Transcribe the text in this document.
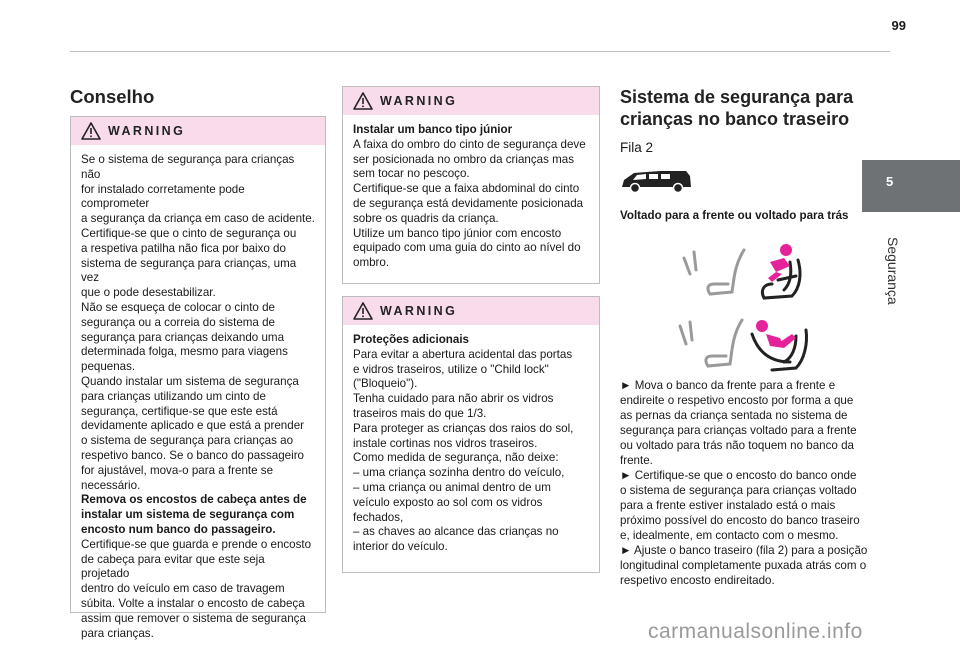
99
5
Segurança
Conselho
WARNING

Se o sistema de segurança para crianças não

for instalado corretamente pode comprometer

a segurança da criança em caso de acidente.

Certifique-se que o cinto de segurança ou

a respetiva patilha não fica por baixo do

sistema de segurança para crianças, uma vez

que o pode desestabilizar.

Não se esqueça de colocar o cinto de

segurança ou a correia do sistema de

segurança para crianças deixando uma

determinada folga, mesmo para viagens

pequenas.

Quando instalar um sistema de segurança

para crianças utilizando um cinto de

segurança, certifique-se que este está

devidamente aplicado e que está a prender

o sistema de segurança para crianças ao

respetivo banco. Se o banco do passageiro

for ajustável, mova-o para a frente se

necessário.

Remova os encostos de cabeça antes de

instalar um sistema de segurança com

encosto num banco do passageiro.

Certifique-se que guarda e prende o encosto

de cabeça para evitar que este seja projetado

dentro do veículo em caso de travagem

súbita. Volte a instalar o encosto de cabeça

assim que remover o sistema de segurança

para crianças.

WARNING

Instalar um banco tipo júnior

A faixa do ombro do cinto de segurança deve

ser posicionada no ombro da crianças mas

sem tocar no pescoço.

Certifique-se que a faixa abdominal do cinto

de segurança está devidamente posicionada

sobre os quadris da criança.

Utilize um banco tipo júnior com encosto

equipado com uma guia do cinto ao nível do

ombro.

WARNING

Proteções adicionais

Para evitar a abertura acidental das portas

e vidros traseiros, utilize o "Child lock"

("Bloqueio").

Tenha cuidado para não abrir os vidros

traseiros mais do que 1/3.

Para proteger as crianças dos raios do sol,

instale cortinas nos vidros traseiros.

Como medida de segurança, não deixe:

– uma criança sozinha dentro do veículo,

– uma criança ou animal dentro de um

veículo exposto ao sol com os vidros

fechados,

– as chaves ao alcance das crianças no

interior do veículo.

Sistema de segurança para

crianças no banco traseiro

Fila 2

Voltado para a frente ou voltado para trás

► Mova o banco da frente para a frente e

endireite o respetivo encosto por forma a que

as pernas da criança sentada no sistema de

segurança para crianças voltado para a frente

ou voltado para trás não toquem no banco da

frente.

► Certifique-se que o encosto do banco onde

o sistema de segurança para crianças voltado

para a frente estiver instalado está o mais

próximo possível do encosto do banco traseiro

e, idealmente, em contacto com o mesmo.

► Ajuste o banco traseiro (fila 2) para a posição

longitudinal completamente puxada atrás com o

respetivo encosto endireitado.

carmanualsonline.info
